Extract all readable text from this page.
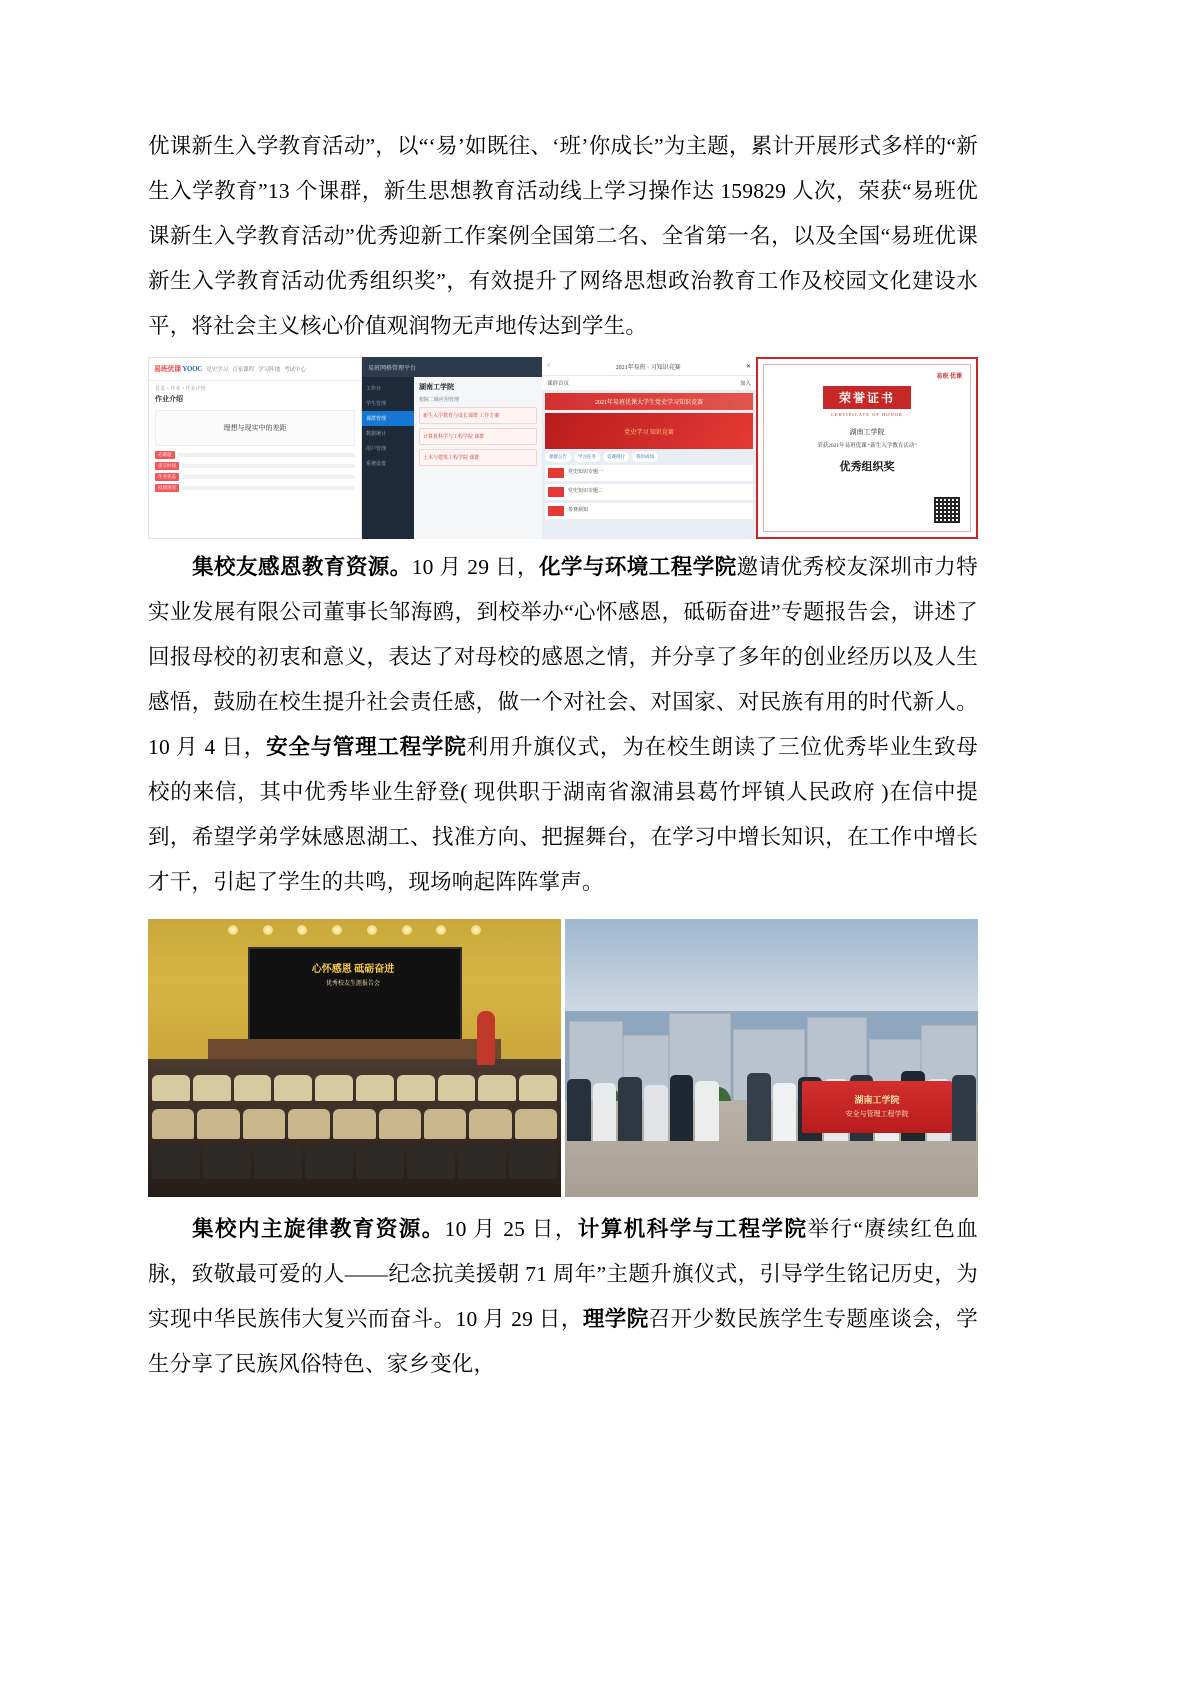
优课新生入学教育活动”，以“‘易’如既往、‘班’你成长”为主题，累计开展形式多样的“新生入学教育”13 个课群，新生思想教育活动线上学习操作达 159829 人次，荣获“易班优课新生入学教育活动”优秀迎新工作案例全国第二名、全省第一名，以及全国“易班优课新生入学教育活动优秀组织奖”，有效提升了网络思想政治教育工作及校园文化建设水平，将社会主义核心价值观润物无声地传达到学生。

易班优课 YOOC 党史学习 百家课程 学习阵地 考试中心
首页 > 作业 > 作业详情
作业介绍
理想与现实中的差距
必做题
提交时间
作业状态
批阅情况
易班网格管理平台
工作台
学生管理
课群管理
数据统计
用户管理
系统设置
湖南工学院
校院二级应用管理
新生入学教育与成长课群 工作方案
计算机科学与工程学院 课群
土木与建筑工程学院 课群
<	2021年易班 · 习知识竞赛	✕
课群首页	加入
2021年易班优课大学生党史学习知识竞赛
党史学习 知识竞赛
课群公告	学习任务	竞赛排行	我的成绩
党史知识专题一
党史知识专题二
参赛须知
易班 优课
荣誉证书
CERTIFICATE OF HONOR
湖南工学院
荣获2021年易班优课 “新生入学教育活动”
优秀组织奖

集校友感恩教育资源。10 月 29 日，化学与环境工程学院邀请优秀校友深圳市力特实业发展有限公司董事长邹海鸥，到校举办“心怀感恩，砥砺奋进”专题报告会，讲述了回报母校的初衷和意义，表达了对母校的感恩之情，并分享了多年的创业经历以及人生感悟，鼓励在校生提升社会责任感，做一个对社会、对国家、对民族有用的时代新人。10 月 4 日，安全与管理工程学院利用升旗仪式，为在校生朗读了三位优秀毕业生致母校的来信，其中优秀毕业生舒登( 现供职于湖南省溆浦县葛竹坪镇人民政府 )在信中提到，希望学弟学妹感恩湖工、找准方向、把握舞台，在学习中增长知识，在工作中增长才干，引起了学生的共鸣，现场响起阵阵掌声。

心怀感恩 砥砺奋进
优秀校友生涯报告会
湖南工学院
安全与管理工程学院

集校内主旋律教育资源。10 月 25 日，计算机科学与工程学院举行“赓续红色血脉，致敬最可爱的人——纪念抗美援朝 71 周年”主题升旗仪式，引导学生铭记历史，为实现中华民族伟大复兴而奋斗。10 月 29 日，理学院召开少数民族学生专题座谈会，学生分享了民族风俗特色、家乡变化，
